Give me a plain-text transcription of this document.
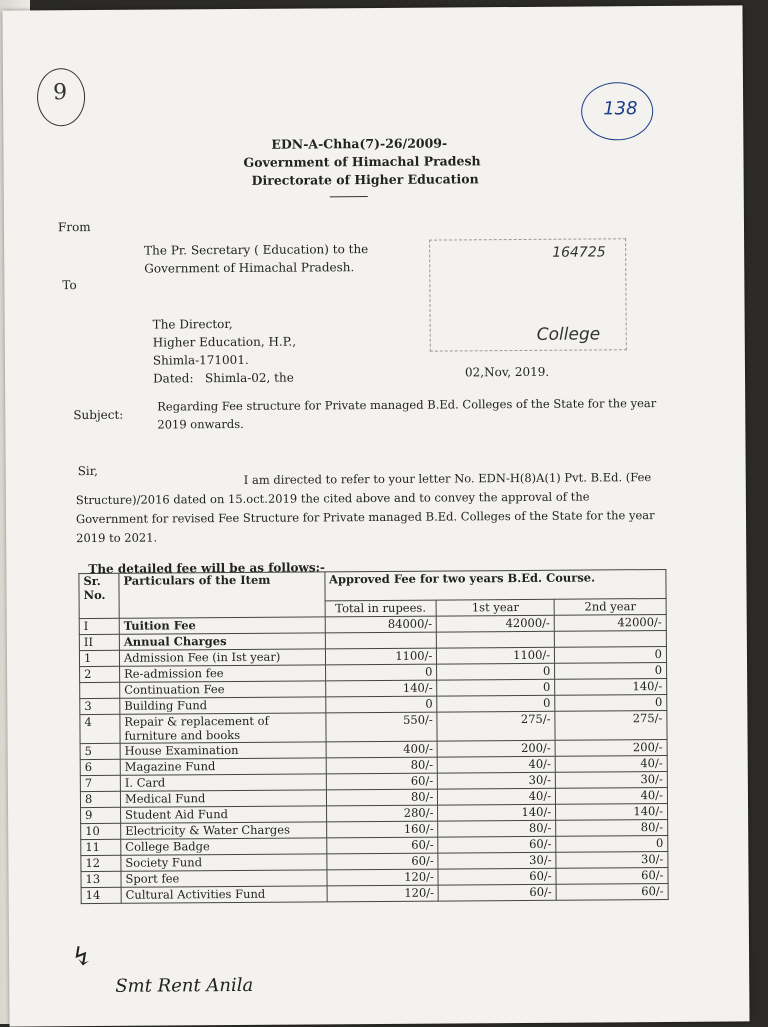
9
138
EDN-A-Chha(7)-26/2009-
Government of Himachal Pradesh
Directorate of Higher Education
From
The Pr. Secretary ( Education) to the
Government of Himachal Pradesh.
164725
College
To
The Director,
Higher Education, H.P.,
Shimla-171001.
Dated: Shimla-02, the	02,Nov, 2019.
Subject:
Regarding Fee structure for Private managed B.Ed. Colleges of the State for the year
2019 onwards.
Sir,	I am directed to refer to your letter No. EDN-H(8)A(1) Pvt. B.Ed. (Fee
Structure)/2016 dated on 15.oct.2019 the cited above and to convey the approval of the
Government for revised Fee Structure for Private managed B.Ed. Colleges of the State for the year
2019 to 2021.
The detailed fee will be as follows:-
Sr. No.	Particulars of the Item	Approved Fee for two years B.Ed. Course.		
		Total in rupees.	1st year	2nd year
I	Tuition Fee	84000/-	42000/-	42000/-
II	Annual Charges			
1	Admission Fee (in Ist year)	1100/-	1100/-	0
2	Re-admission fee	0	0	0
	Continuation Fee	140/-	0	140/-
3	Building Fund	0	0	0
4	Repair & replacement of furniture and books	550/-	275/-	275/-
5	House Examination	400/-	200/-	200/-
6	Magazine Fund	80/-	40/-	40/-
7	I. Card	60/-	30/-	30/-
8	Medical Fund	80/-	40/-	40/-
9	Student Aid Fund	280/-	140/-	140/-
10	Electricity & Water Charges	160/-	80/-	80/-
11	College Badge	60/-	60/-	0
12	Society Fund	60/-	30/-	30/-
13	Sport fee	120/-	60/-	60/-
14	Cultural Activities Fund	120/-	60/-	60/-
↯
Smt Rent Anila
